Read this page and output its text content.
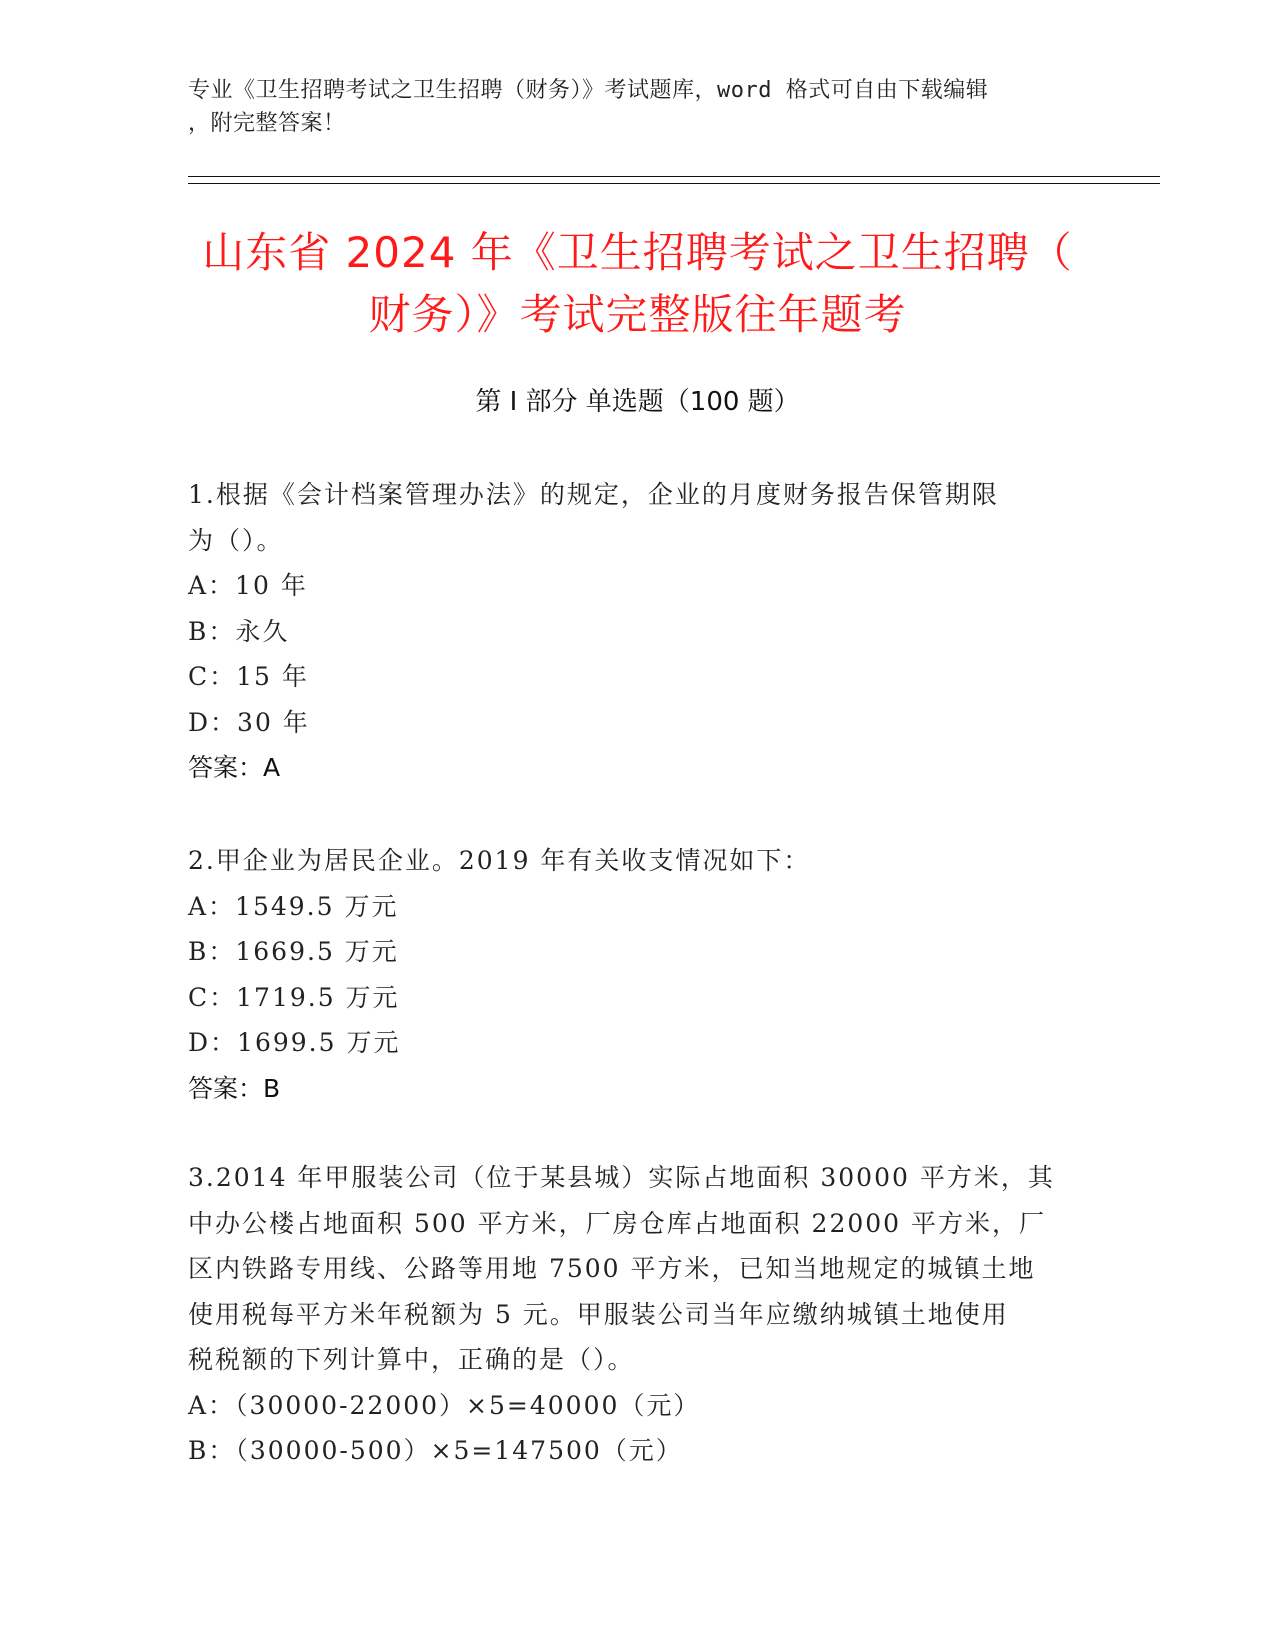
专业《卫生招聘考试之卫生招聘（财务）》考试题库，word 格式可自由下载编辑
，附完整答案！
山东省 2024 年《卫生招聘考试之卫生招聘（
财务）》考试完整版往年题考
第 I 部分 单选题（100 题）
1.根据《会计档案管理办法》的规定，企业的月度财务报告保管期限
为（）。
A：10 年
B：永久
C：15 年
D：30 年
答案：A
2.甲企业为居民企业。2019 年有关收支情况如下：
A：1549.5 万元
B：1669.5 万元
C：1719.5 万元
D：1699.5 万元
答案：B
3.2014 年甲服装公司（位于某县城）实际占地面积 30000 平方米，其
中办公楼占地面积 500 平方米，厂房仓库占地面积 22000 平方米，厂
区内铁路专用线、公路等用地 7500 平方米，已知当地规定的城镇土地
使用税每平方米年税额为 5 元。甲服装公司当年应缴纳城镇土地使用
税税额的下列计算中，正确的是（）。
A：（30000-22000）×5=40000（元）
B：（30000-500）×5=147500（元）
